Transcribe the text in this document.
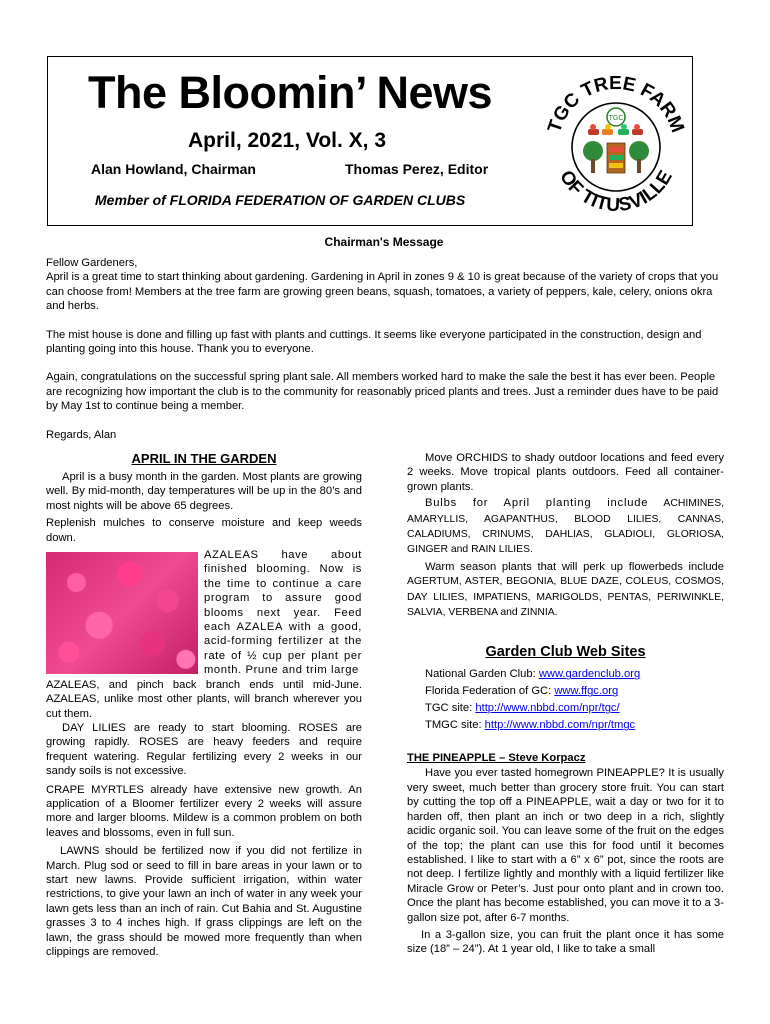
The Bloomin’ News
April, 2021, Vol. X, 3
Alan Howland, Chairman	Thomas Perez, Editor
Member of FLORIDA FEDERATION OF GARDEN CLUBS
TGC TREE FARM
OF TITUSVILLE
TGC
Chairman's Message

Fellow Gardeners,

April is a great time to start thinking about gardening. Gardening in April in zones 9 & 10 is great because of the variety of crops that you can choose from! Members at the tree farm are growing green beans, squash, tomatoes, a variety of peppers, kale, celery, onions okra and herbs.

The mist house is done and filling up fast with plants and cuttings. It seems like everyone participated in the construction, design and planting going into this house. Thank you to everyone.

Again, congratulations on the successful spring plant sale. All members worked hard to make the sale the best it has ever been. People are recognizing how important the club is to the community for reasonably priced plants and trees. Just a reminder dues have to be paid by May 1st to continue being a member.

Regards, Alan

APRIL IN THE GARDEN

April is a busy month in the garden. Most plants are growing well. By mid-month, day temperatures will be up in the 80’s and most nights will be above 65 degrees.

Replenish mulches to conserve moisture and keep weeds down.

AZALEAS have about finished blooming. Now is the time to continue a care program to assure good blooms next year. Feed each AZALEA with a good, acid-forming fertilizer at the rate of ½ cup per plant per month. Prune and trim large

AZALEAS, and pinch back branch ends until mid-June. AZALEAS, unlike most other plants, will branch wherever you cut them.

DAY LILIES are ready to start blooming. ROSES are growing rapidly. ROSES are heavy feeders and require frequent watering. Regular fertilizing every 2 weeks in our sandy soils is not excessive.

CRAPE MYRTLES already have extensive new growth. An application of a Bloomer fertilizer every 2 weeks will assure more and larger blooms. Mildew is a common problem on both leaves and blossoms, even in full sun.

LAWNS should be fertilized now if you did not fertilize in March. Plug sod or seed to fill in bare areas in your lawn or to start new lawns. Provide sufficient irrigation, within water restrictions, to give your lawn an inch of water in any week your lawn gets less than an inch of rain. Cut Bahia and St. Augustine grasses 3 to 4 inches high. If grass clippings are left on the lawn, the grass should be mowed more frequently than when clippings are removed.

Move ORCHIDS to shady outdoor locations and feed every 2 weeks. Move tropical plants outdoors. Feed all container-grown plants.

Bulbs for April planting include ACHIMINES, AMARYLLIS, AGAPANTHUS, BLOOD LILIES, CANNAS, CALADIUMS, CRINUMS, DAHLIAS, GLADIOLI, GLORIOSA, GINGER and RAIN LILIES.

Warm season plants that will perk up flowerbeds include AGERTUM, ASTER, BEGONIA, BLUE DAZE, COLEUS, COSMOS, DAY LILIES, IMPATIENS, MARIGOLDS, PENTAS, PERIWINKLE, SALVIA, VERBENA and ZINNIA.

Garden Club Web Sites
National Garden Club: www.gardenclub.org
Florida Federation of GC: www.ffgc.org
TGC site: http://www.nbbd.com/npr/tgc/
TMGC site: http://www.nbbd.com/npr/tmgc
THE PINEAPPLE – Steve Korpacz

Have you ever tasted homegrown PINEAPPLE? It is usually very sweet, much better than grocery store fruit. You can start by cutting the top off a PINEAPPLE, wait a day or two for it to harden off, then plant an inch or two deep in a rich, slightly acidic organic soil. You can leave some of the fruit on the edges of the top; the plant can use this for food until it becomes established. I like to start with a 6” x 6” pot, since the roots are not deep. I fertilize lightly and monthly with a liquid fertilizer like Miracle Grow or Peter’s. Just pour onto plant and in crown too. Once the plant has become established, you can move it to a 3-gallon size pot, after 6-7 months.

In a 3-gallon size, you can fruit the plant once it has some size (18” – 24”). At 1 year old, I like to take a small
